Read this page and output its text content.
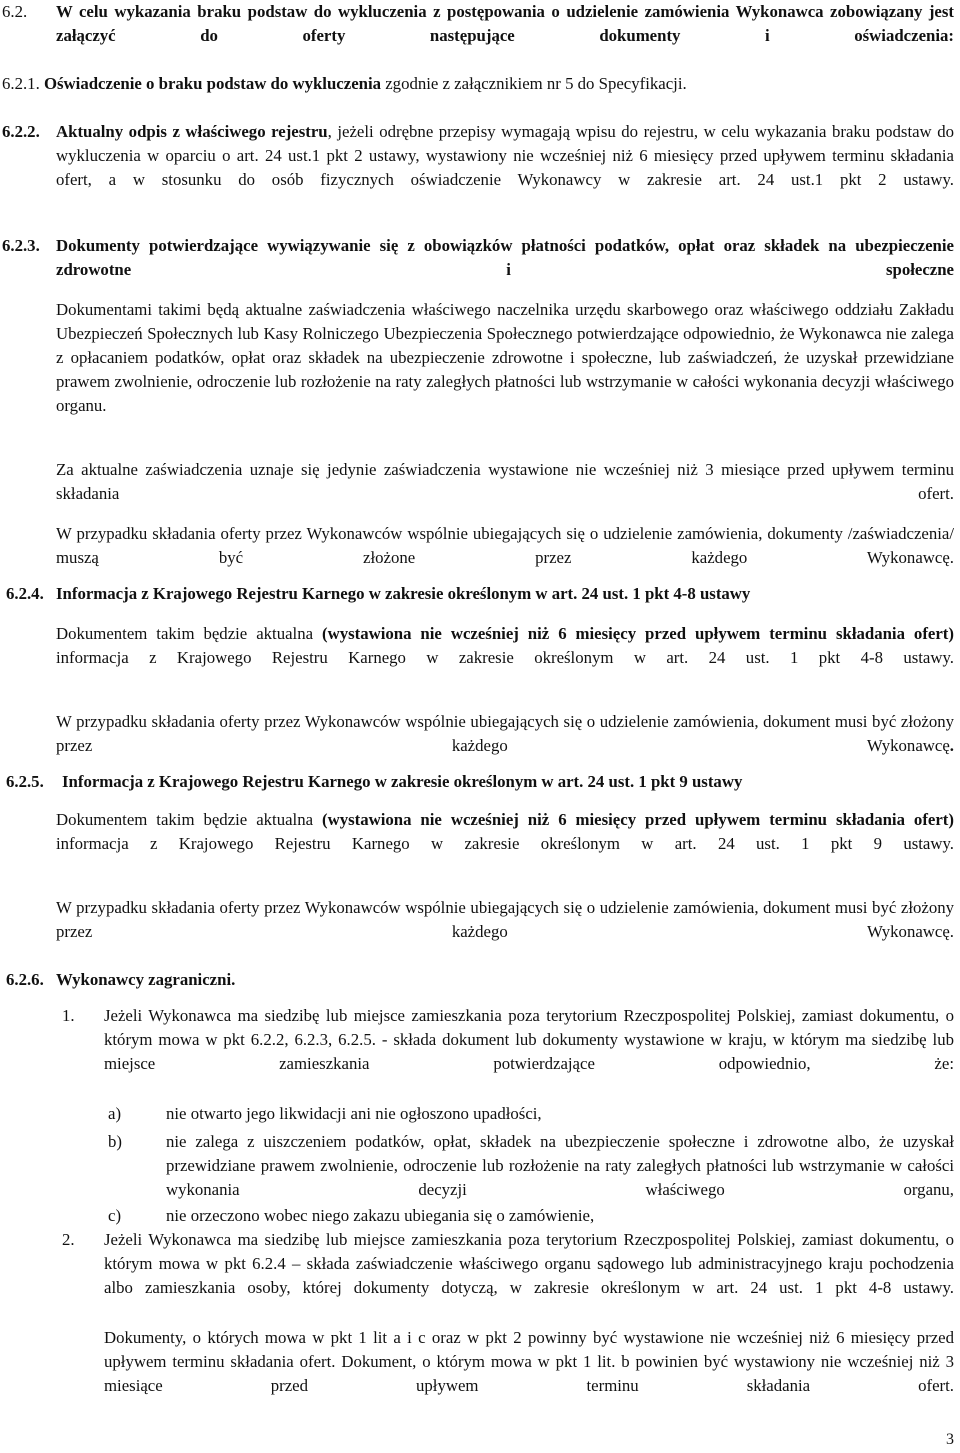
6.2. W celu wykazania braku podstaw do wykluczenia z postępowania o udzielenie zamówienia Wykonawca zobowiązany jest załączyć do oferty następujące dokumenty i oświadczenia:
6.2.1. Oświadczenie o braku podstaw do wykluczenia zgodnie z załącznikiem nr 5 do Specyfikacji.
6.2.2. Aktualny odpis z właściwego rejestru, jeżeli odrębne przepisy wymagają wpisu do rejestru, w celu wykazania braku podstaw do wykluczenia w oparciu o art. 24 ust.1 pkt 2 ustawy, wystawiony nie wcześniej niż 6 miesięcy przed upływem terminu składania ofert, a w stosunku do osób fizycznych oświadczenie Wykonawcy w zakresie art. 24 ust.1 pkt 2 ustawy.
6.2.3. Dokumenty potwierdzające wywiązywanie się z obowiązków płatności podatków, opłat oraz składek na ubezpieczenie zdrowotne i społeczne
Dokumentami takimi będą aktualne zaświadczenia właściwego naczelnika urzędu skarbowego oraz właściwego oddziału Zakładu Ubezpieczeń Społecznych lub Kasy Rolniczego Ubezpieczenia Społecznego potwierdzające odpowiednio, że Wykonawca nie zalega z opłacaniem podatków, opłat oraz składek na ubezpieczenie zdrowotne i społeczne, lub zaświadczeń, że uzyskał przewidziane prawem zwolnienie, odroczenie lub rozłożenie na raty zaległych płatności lub wstrzymanie w całości wykonania decyzji właściwego organu.
Za aktualne zaświadczenia uznaje się jedynie zaświadczenia wystawione nie wcześniej niż 3 miesiące przed upływem terminu składania ofert.
W przypadku składania oferty przez Wykonawców wspólnie ubiegających się o udzielenie zamówienia, dokumenty /zaświadczenia/ muszą być złożone przez każdego Wykonawcę.
6.2.4. Informacja z Krajowego Rejestru Karnego w zakresie określonym w art. 24 ust. 1 pkt 4-8 ustawy
Dokumentem takim będzie aktualna (wystawiona nie wcześniej niż 6 miesięcy przed upływem terminu składania ofert) informacja z Krajowego Rejestru Karnego w zakresie określonym w art. 24 ust. 1 pkt 4-8 ustawy.
W przypadku składania oferty przez Wykonawców wspólnie ubiegających się o udzielenie zamówienia, dokument musi być złożony przez każdego Wykonawcę.
6.2.5. Informacja z Krajowego Rejestru Karnego w zakresie określonym w art. 24 ust. 1 pkt 9 ustawy
Dokumentem takim będzie aktualna (wystawiona nie wcześniej niż 6 miesięcy przed upływem terminu składania ofert) informacja z Krajowego Rejestru Karnego w zakresie określonym w art. 24 ust. 1 pkt 9 ustawy.
W przypadku składania oferty przez Wykonawców wspólnie ubiegających się o udzielenie zamówienia, dokument musi być złożony przez każdego Wykonawcę.
6.2.6. Wykonawcy zagraniczni.
1. Jeżeli Wykonawca ma siedzibę lub miejsce zamieszkania poza terytorium Rzeczpospolitej Polskiej, zamiast dokumentu, o którym mowa w pkt 6.2.2, 6.2.3, 6.2.5. - składa dokument lub dokumenty wystawione w kraju, w którym ma siedzibę lub miejsce zamieszkania potwierdzające odpowiednio, że:
a)	nie otwarto jego likwidacji ani nie ogłoszono upadłości,
b)	nie zalega z uiszczeniem podatków, opłat, składek na ubezpieczenie społeczne i zdrowotne albo, że uzyskał przewidziane prawem zwolnienie, odroczenie lub rozłożenie na raty zaległych płatności lub wstrzymanie w całości wykonania decyzji właściwego organu,
c)	nie orzeczono wobec niego zakazu ubiegania się o zamówienie,
2. Jeżeli Wykonawca ma siedzibę lub miejsce zamieszkania poza terytorium Rzeczpospolitej Polskiej, zamiast dokumentu, o którym mowa w pkt 6.2.4 – składa zaświadczenie właściwego organu sądowego lub administracyjnego kraju pochodzenia albo zamieszkania osoby, której dokumenty dotyczą, w zakresie określonym w art. 24 ust. 1 pkt 4-8 ustawy.
Dokumenty, o których mowa w pkt 1 lit a i c oraz w pkt 2 powinny być wystawione nie wcześniej niż 6 miesięcy przed upływem terminu składania ofert. Dokument, o którym mowa w pkt 1 lit. b powinien być wystawiony nie wcześniej niż 3 miesiące przed upływem terminu składania ofert.
3
